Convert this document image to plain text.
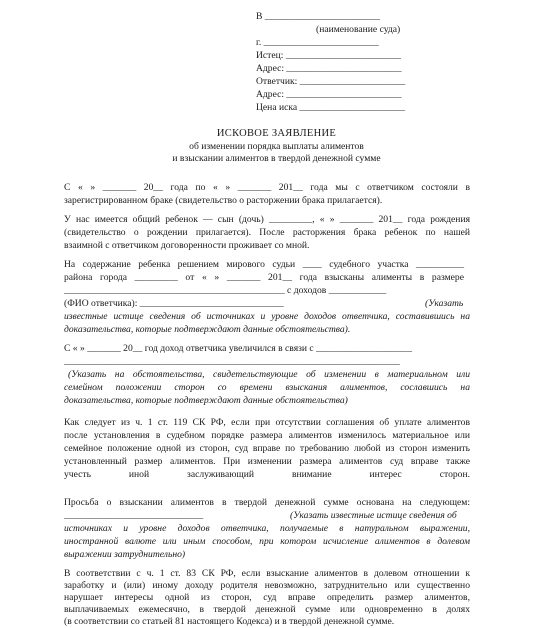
В ________________________
(наименование суда)
г. ________________________
Истец: ________________________
Адрес: ________________________
Ответчик: ______________________
Адрес: ________________________
Цена иска ______________________
ИСКОВОЕ ЗАЯВЛЕНИЕ
об изменении порядка выплаты алиментов
и взыскании алиментов в твердой денежной сумме
С « » _______ 20__ года по « » _______ 201__ года мы с ответчиком состояли в
зарегистрированном браке (свидетельство о расторжении брака прилагается).
У нас имеется общий ребенок — сын (дочь) _________, « » _______ 201__ года рождения
(свидетельство о рождении прилагается). После расторжения брака ребенок по нашей
взаимной с ответчиком договоренности проживает со мной.
На содержание ребенка решением мирового судьи ____ судебного участка __________
района города _________ от « » _______ 201__ года взысканы алименты в размере
______________________________________________ с доходов ____________
(ФИО ответчика): ______________________________	(Указать
известные истице сведения об источниках и уровне доходов ответчика, составившись на
доказательства, которые подтверждают данные обстоятельства).
С « » _______ 20__ год доход ответчика увеличился в связи с ____________________
______________________________________________________________________
(Указать на обстоятельства, свидетельствующие об изменении в материальном или
семейном положении сторон со времени взыскания алиментов, сославшись на
доказательства, которые подтверждают данные обстоятельства)
Как следует из ч. 1 ст. 119 СК РФ, если при отсутствии соглашения об уплате алиментов
после установления в судебном порядке размера алиментов изменилось материальное или
семейное положение одной из сторон, суд вправе по требованию любой из сторон изменить
установленный размер алиментов. При изменении размера алиментов суд вправе также
учесть иной заслуживающий внимание интерес сторон.
Просьба о взыскании алиментов в твердой денежной сумме основана на следующем:
_____________________________	(Указать известные истице сведения об
источниках и уровне доходов ответчика, получаемые в натуральном выражении,
иностранной валюте или иным способом, при котором исчисление алиментов в долевом
выражении затруднительно)
В соответствии с ч. 1 ст. 83 СК РФ, если взыскание алиментов в долевом отношении к
заработку и (или) иному доходу родителя невозможно, затруднительно или существенно
нарушает интересы одной из сторон, суд вправе определить размер алиментов,
выплачиваемых ежемесячно, в твердой денежной сумме или одновременно в долях
(в соответствии со статьей 81 настоящего Кодекса) и в твердой денежной сумме.
